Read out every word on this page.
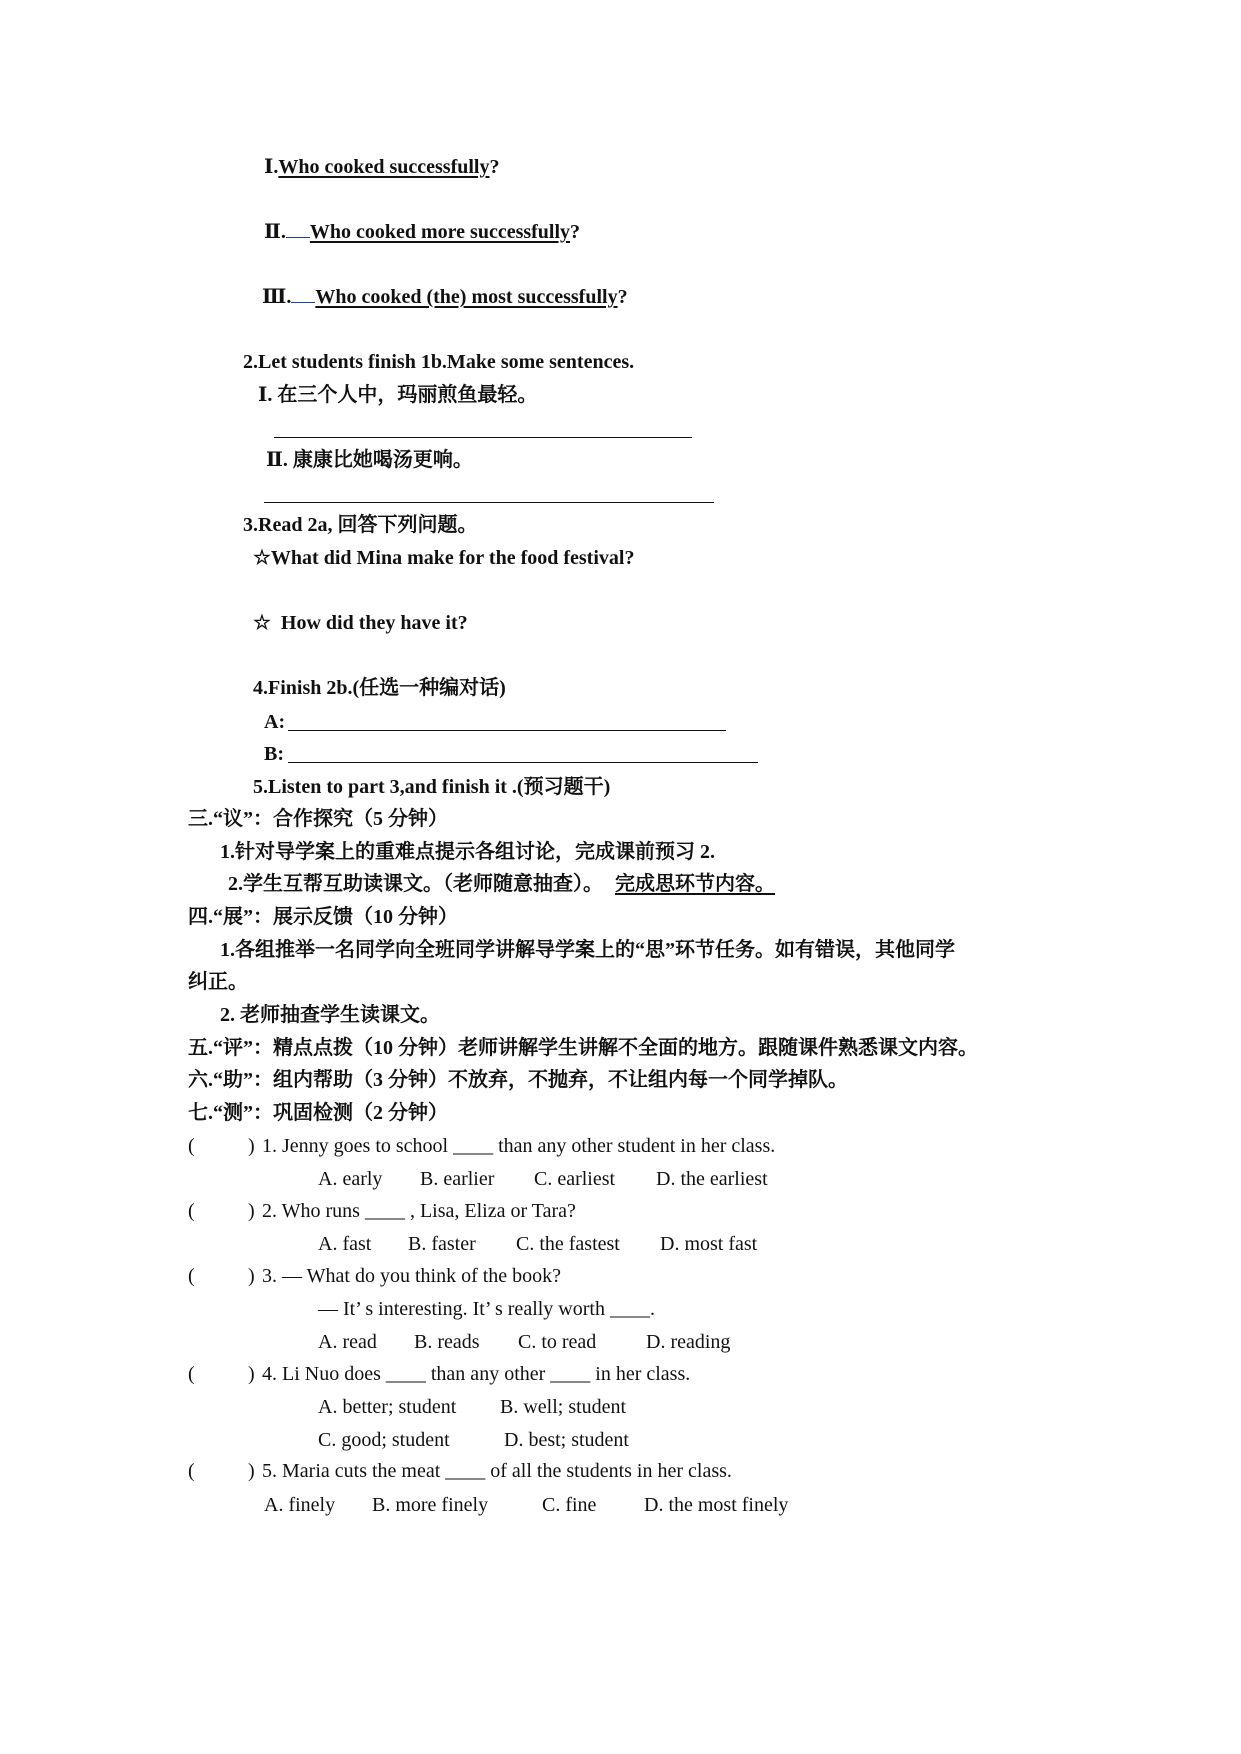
Ⅰ.Who cooked successfully?
Ⅱ. Who cooked more successfully?
Ⅲ. Who cooked (the) most successfully?
2.Let students finish 1b.Make some sentences.
Ⅰ. 在三个人中，玛丽煎鱼最轻。
Ⅱ. 康康比她喝汤更响。
3.Read 2a, 回答下列问题。
☆What did Mina make for the food festival?
☆  How did they have it?
4.Finish 2b.(任选一种编对话)
A:
B:
5.Listen to part 3,and finish it .(预习题干)
三.“议”：合作探究（5 分钟）
1.针对导学案上的重难点提示各组讨论，完成课前预习 2.
2.学生互帮互助读课文。（老师随意抽查）。 完成思环节内容。
四.“展”：展示反馈（10 分钟）
1.各组推举一名同学向全班同学讲解导学案上的“思”环节任务。如有错误，其他同学
纠正。
2. 老师抽查学生读课文。
五.“评”：精点点拨（10 分钟）老师讲解学生讲解不全面的地方。跟随课件熟悉课文内容。
六.“助”：组内帮助（3 分钟）不放弃，不抛弃，不让组内每一个同学掉队。
七.“测”：巩固检测（2 分钟）
(	) 1. Jenny goes to school ____ than any other student in her class.
A. early B. earlier C. earliest D. the earliest
(	) 2. Who runs ____ , Lisa, Eliza or Tara?
A. fast B. faster C. the fastest D. most fast
(	) 3. — What do you think of the book?
— It’ s interesting. It’ s really worth ____.
A. read B. reads C. to read D. reading
(	) 4. Li Nuo does ____ than any other ____ in her class.
A. better; student B. well; student
C. good; student	D. best; student
(	) 5. Maria cuts the meat ____ of all the students in her class.
A. finely B. more finely	C. fine D. the most finely
